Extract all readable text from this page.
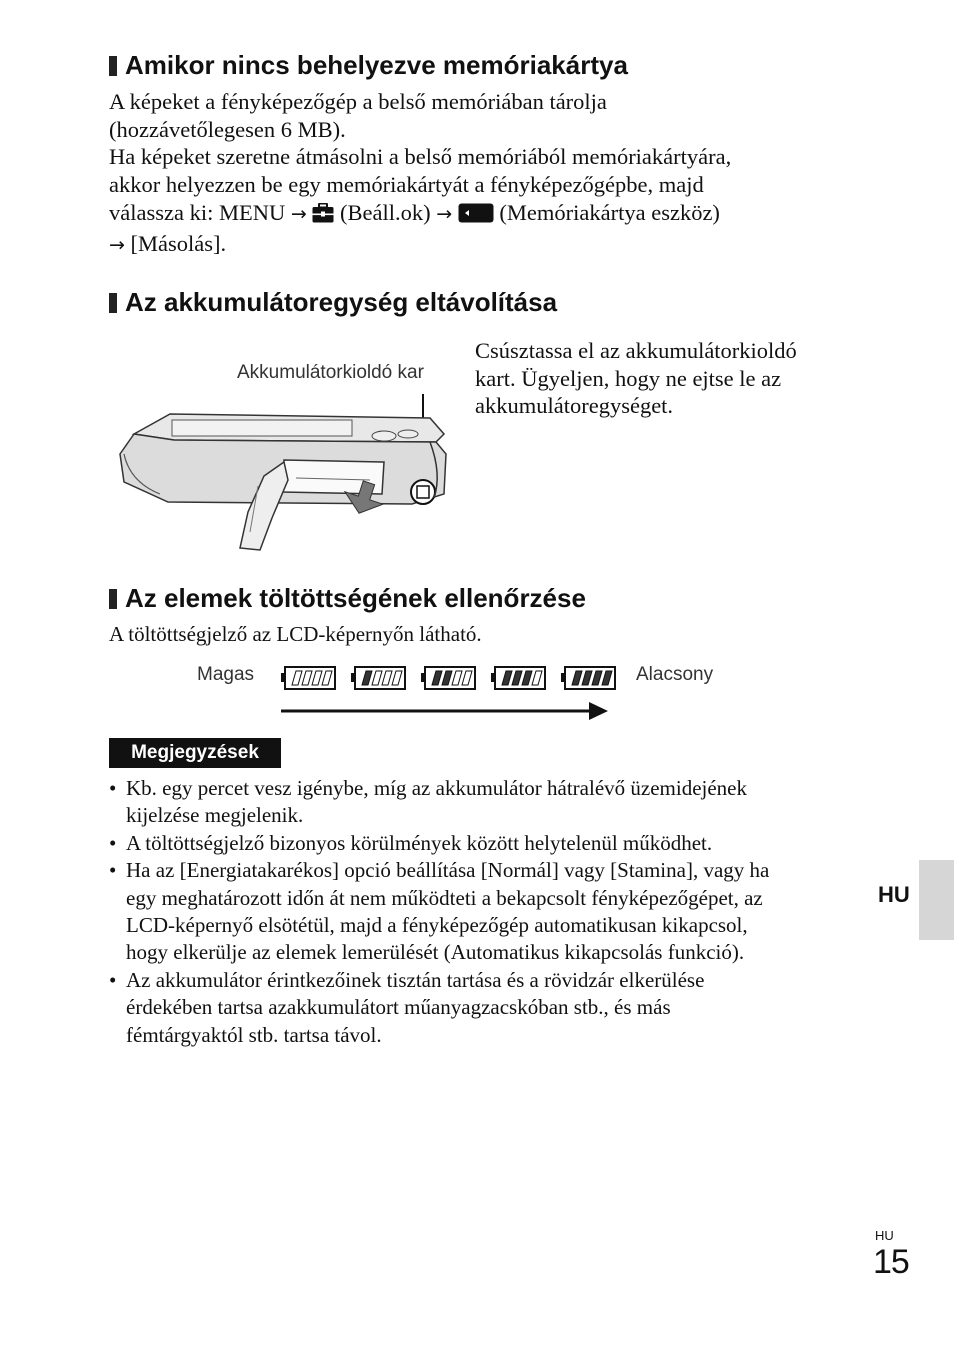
Amikor nincs behelyezve memóriakártya
A képeket a fényképezőgép a belső memóriában tárolja
(hozzávetőlegesen 6 MB).
Ha képeket szeretne átmásolni a belső memóriából memóriakártyára,
akkor helyezzen be egy memóriakártyát a fényképezőgépbe, majd
válassza ki: MENU → (Beáll.ok) → (Memóriakártya eszköz)
→ [Másolás].
Az akkumulátoregység eltávolítása
Akkumulátorkioldó kar
Csúsztassa el az akkumulátorkioldó
kart. Ügyeljen, hogy ne ejtse le az
akkumulátoregységet.
Az elemek töltöttségének ellenőrzése
A töltöttségjelző az LCD-képernyőn látható.
Magas	Alacsony
Megjegyzések
• Kb. egy percet vesz igénybe, míg az akkumulátor hátralévő üzemidejének
kijelzése megjelenik.
• A töltöttségjelző bizonyos körülmények között helytelenül működhet.
• Ha az [Energiatakarékos] opció beállítása [Normál] vagy [Stamina], vagy ha
egy meghatározott időn át nem működteti a bekapcsolt fényképezőgépet, az
LCD-képernyő elsötétül, majd a fényképezőgép automatikusan kikapcsol,
hogy elkerülje az elemek lemerülését (Automatikus kikapcsolás funkció).
• Az akkumulátor érintkezőinek tisztán tartása és a rövidzár elkerülése
érdekében tartsa azakkumulátort műanyagzacskóban stb., és más
fémtárgyaktól stb. tartsa távol.
HU
HU
15
